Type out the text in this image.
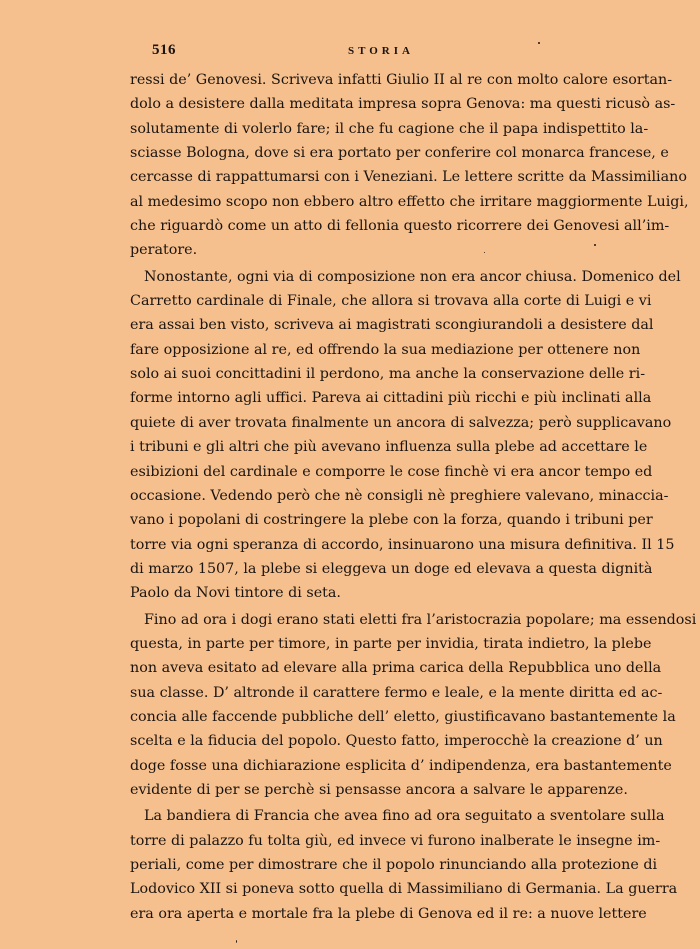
516	STORIA
ressi de’ Genovesi. Scriveva infatti Giulio II al re con molto calore esortan-
dolo a desistere dalla meditata impresa sopra Genova: ma questi ricusò as-
solutamente di volerlo fare; il che fu cagione che il papa indispettito la-
sciasse Bologna, dove si era portato per conferire col monarca francese, e
cercasse di rappattumarsi con i Veneziani. Le lettere scritte da Massimiliano
al medesimo scopo non ebbero altro effetto che irritare maggiormente Luigi,
che riguardò come un atto di fellonia questo ricorrere dei Genovesi all’im-
peratore.
Nonostante, ogni via di composizione non era ancor chiusa. Domenico del
Carretto cardinale di Finale, che allora si trovava alla corte di Luigi e vi
era assai ben visto, scriveva ai magistrati scongiurandoli a desistere dal
fare opposizione al re, ed offrendo la sua mediazione per ottenere non
solo ai suoi concittadini il perdono, ma anche la conservazione delle ri-
forme intorno agli uffici. Pareva ai cittadini più ricchi e più inclinati alla
quiete di aver trovata finalmente un ancora di salvezza; però supplicavano
i tribuni e gli altri che più avevano influenza sulla plebe ad accettare le
esibizioni del cardinale e comporre le cose finchè vi era ancor tempo ed
occasione. Vedendo però che nè consigli nè preghiere valevano, minaccia-
vano i popolani di costringere la plebe con la forza, quando i tribuni per
torre via ogni speranza di accordo, insinuarono una misura definitiva. Il 15
di marzo 1507, la plebe si eleggeva un doge ed elevava a questa dignità
Paolo da Novi tintore di seta.
Fino ad ora i dogi erano stati eletti fra l’aristocrazia popolare; ma essendosi
questa, in parte per timore, in parte per invidia, tirata indietro, la plebe
non aveva esitato ad elevare alla prima carica della Repubblica uno della
sua classe. D’ altronde il carattere fermo e leale, e la mente diritta ed ac-
concia alle faccende pubbliche dell’ eletto, giustificavano bastantemente la
scelta e la fiducia del popolo. Questo fatto, imperocchè la creazione d’ un
doge fosse una dichiarazione esplicita d’ indipendenza, era bastantemente
evidente di per se perchè si pensasse ancora a salvare le apparenze.
La bandiera di Francia che avea fino ad ora seguitato a sventolare sulla
torre di palazzo fu tolta giù, ed invece vi furono inalberate le insegne im-
periali, come per dimostrare che il popolo rinunciando alla protezione di
Lodovico XII si poneva sotto quella di Massimiliano di Germania. La guerra
era ora aperta e mortale fra la plebe di Genova ed il re: a nuove lettere
